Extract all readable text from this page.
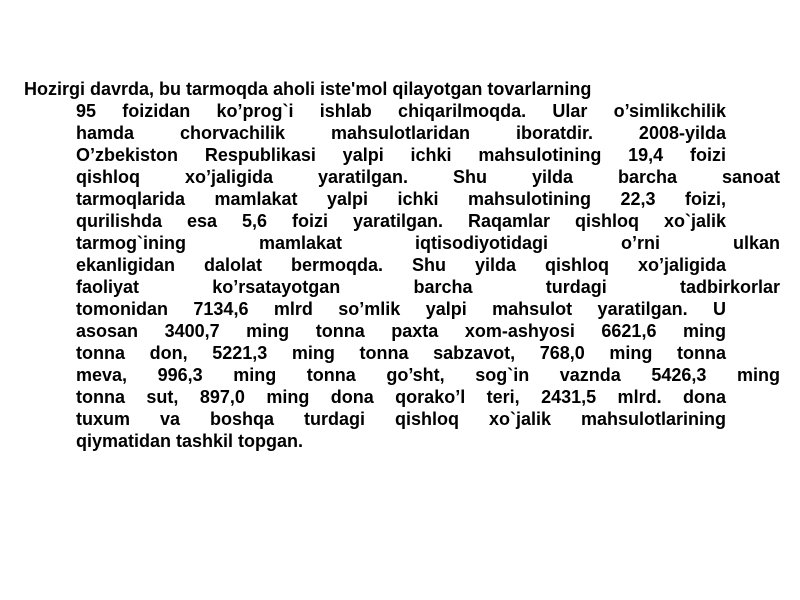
Hozirgi davrda, bu tarmoqda aholi iste'mol qilayotgan tovarlarning
95 foizidan ko’prog`i ishlab chiqarilmoqda. Ular o’simlikchilik
hamda chorvachilik mahsulotlaridan iboratdir. 2008-yilda
O’zbekiston Respublikasi yalpi ichki mahsulotining 19,4 foizi
qishloq xo’jaligida yaratilgan. Shu yilda barcha sanoat
tarmoqlarida mamlakat yalpi ichki mahsulotining 22,3 foizi,
qurilishda esa 5,6 foizi yaratilgan. Raqamlar qishloq xo`jalik
tarmog`ining mamlakat iqtisodiyotidagi o’rni ulkan
ekanligidan dalolat bermoqda. Shu yilda qishloq xo’jaligida
faoliyat ko’rsatayotgan barcha turdagi tadbirkorlar
tomonidan 7134,6 mlrd so’mlik yalpi mahsulot yaratilgan. U
asosan 3400,7 ming tonna paxta xom-ashyosi 6621,6 ming
tonna don, 5221,3 ming tonna sabzavot, 768,0 ming tonna
meva, 996,3 ming tonna go’sht, sog`in vaznda 5426,3 ming
tonna sut, 897,0 ming dona qorako’l teri, 2431,5 mlrd. dona
tuxum va boshqa turdagi qishloq xo`jalik mahsulotlarining
qiymatidan tashkil topgan.
